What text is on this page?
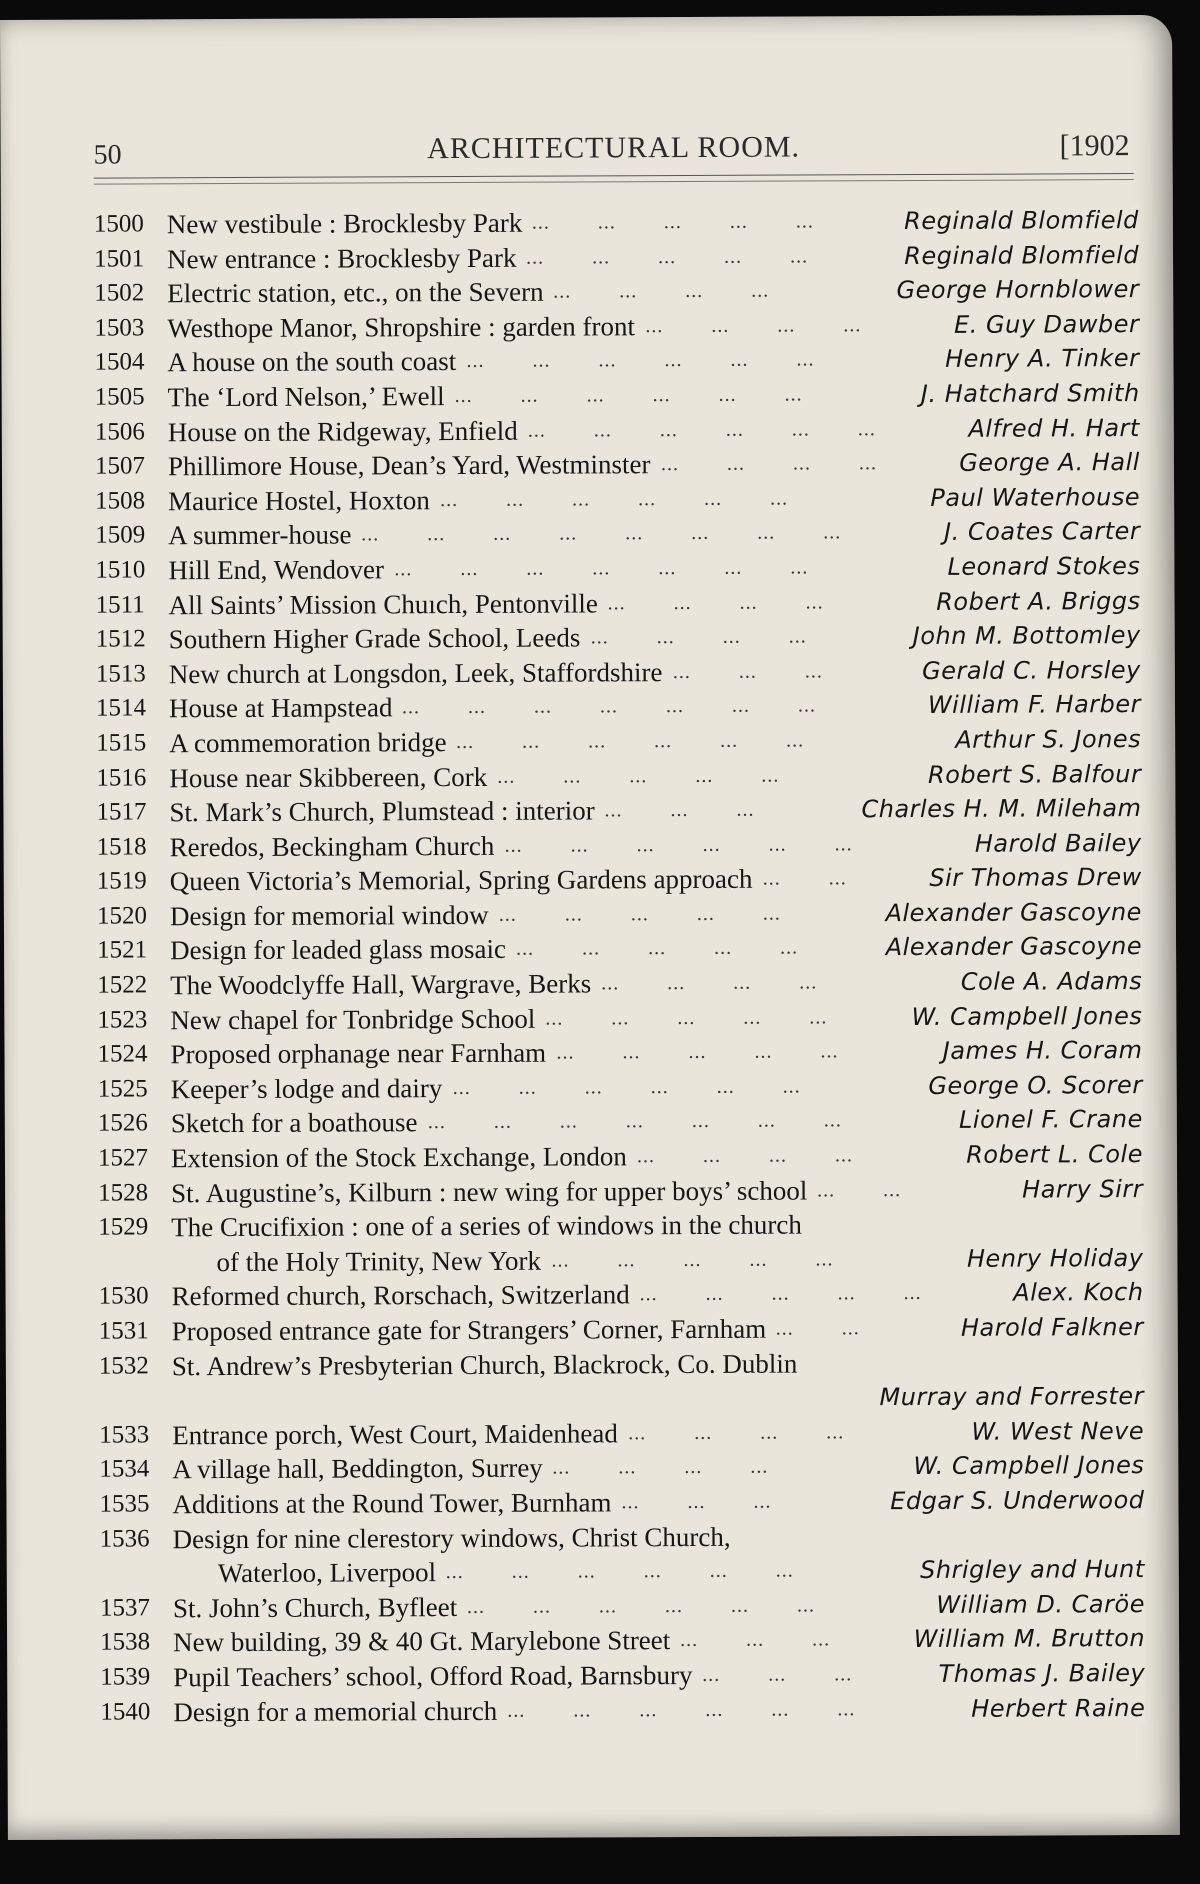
50	ARCHITECTURAL ROOM.	[1902
1500 New vestibule : Brocklesby Park ...   ...   ...   ...   ...	Reginald Blomfield
1501 New entrance : Brocklesby Park ...   ...   ...   ...   ...	Reginald Blomfield
1502 Electric station, etc., on the Severn ...   ...   ...   ...	George Hornblower
1503 Westhope Manor, Shropshire : garden front ...   ...   ...   ...	E. Guy Dawber
1504 A house on the south coast ...   ...   ...   ...   ...   ...	Henry A. Tinker
1505 The ‘Lord Nelson,’ Ewell ...   ...   ...   ...   ...   ...	J. Hatchard Smith
1506 House on the Ridgeway, Enfield ...   ...   ...   ...   ...   ...	Alfred H. Hart
1507 Phillimore House, Dean’s Yard, Westminster ...   ...   ...   ...	George A. Hall
1508 Maurice Hostel, Hoxton ...   ...   ...   ...   ...   ...	Paul Waterhouse
1509 A summer-house ...   ...   ...   ...   ...   ...   ...   ...	J. Coates Carter
1510 Hill End, Wendover ...   ...   ...   ...   ...   ...   ...	Leonard Stokes
1511 All Saints’ Mission Chuıch, Pentonville ...   ...   ...   ...	Robert A. Briggs
1512 Southern Higher Grade School, Leeds ...   ...   ...   ...	John M. Bottomley
1513 New church at Longsdon, Leek, Staffordshire ...   ...   ...	Gerald C. Horsley
1514 House at Hampstead ...   ...   ...   ...   ...   ...   ...	William F. Harber
1515 A commemoration bridge ...   ...   ...   ...   ...   ...	Arthur S. Jones
1516 House near Skibbereen, Cork ...   ...   ...   ...   ...	Robert S. Balfour
1517 St. Mark’s Church, Plumstead : interior ...   ...   ...	Charles H. M. Mileham
1518 Reredos, Beckingham Church ...   ...   ...   ...   ...   ...	Harold Bailey
1519 Queen Victoria’s Memorial, Spring Gardens approach ...   ...	Sir Thomas Drew
1520 Design for memorial window ...   ...   ...   ...   ...	Alexander Gascoyne
1521 Design for leaded glass mosaic ...   ...   ...   ...   ...	Alexander Gascoyne
1522 The Woodclyffe Hall, Wargrave, Berks ...   ...   ...   ...	Cole A. Adams
1523 New chapel for Tonbridge School ...   ...   ...   ...   ...	W. Campbell Jones
1524 Proposed orphanage near Farnham ...   ...   ...   ...   ...	James H. Coram
1525 Keeper’s lodge and dairy ...   ...   ...   ...   ...   ...	George O. Scorer
1526 Sketch for a boathouse ...   ...   ...   ...   ...   ...   ...	Lionel F. Crane
1527 Extension of the Stock Exchange, London ...   ...   ...   ...	Robert L. Cole
1528 St. Augustine’s, Kilburn : new wing for upper boys’ school ...   ...	Harry Sirr
1529 The Crucifixion : one of a series of windows in the church
of the Holy Trinity, New York ...   ...   ...   ...   ...	Henry Holiday
1530 Reformed church, Rorschach, Switzerland ...   ...   ...   ...   ...	Alex. Koch
1531 Proposed entrance gate for Strangers’ Corner, Farnham ...   ...	Harold Falkner
1532 St. Andrew’s Presbyterian Church, Blackrock, Co. Dublin
Murray and Forrester
1533 Entrance porch, West Court, Maidenhead ...   ...   ...   ...	W. West Neve
1534 A village hall, Beddington, Surrey ...   ...   ...   ...	W. Campbell Jones
1535 Additions at the Round Tower, Burnham ...   ...   ...	Edgar S. Underwood
1536 Design for nine clerestory windows, Christ Church,
Waterloo, Liverpool ...   ...   ...   ...   ...   ...	Shrigley and Hunt
1537 St. John’s Church, Byfleet ...   ...   ...   ...   ...   ...	William D. Caröe
1538 New building, 39 & 40 Gt. Marylebone Street ...   ...   ...	William M. Brutton
1539 Pupil Teachers’ school, Offord Road, Barnsbury ...   ...   ...	Thomas J. Bailey
1540 Design for a memorial church ...   ...   ...   ...   ...   ...	Herbert Raine
